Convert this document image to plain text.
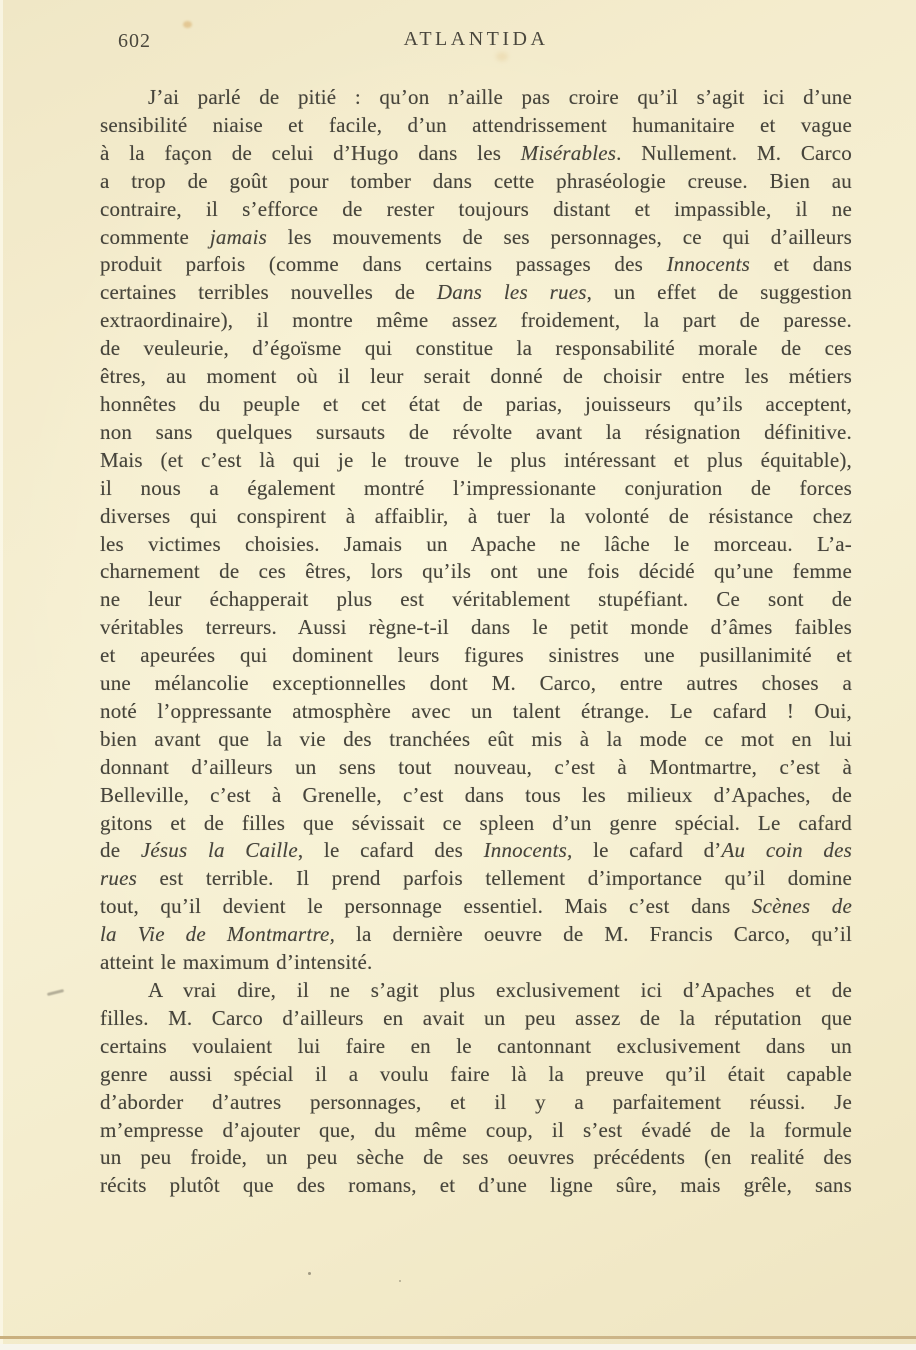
602	ATLANTIDA
J’ai parlé de pitié : qu’on n’aille pas croire qu’il s’agit ici d’une
sensibilité niaise et facile, d’un attendrissement humanitaire et vague
à la façon de celui d’Hugo dans les Misérables. Nullement. M. Carco
a trop de goût pour tomber dans cette phraséologie creuse. Bien au
contraire, il s’efforce de rester toujours distant et impassible, il ne
commente jamais les mouvements de ses personnages, ce qui d’ailleurs
produit parfois (comme dans certains passages des Innocents et dans
certaines terribles nouvelles de Dans les rues, un effet de suggestion
extraordinaire), il montre même assez froidement, la part de paresse.
de veuleurie, d’égoïsme qui constitue la responsabilité morale de ces
êtres, au moment où il leur serait donné de choisir entre les métiers
honnêtes du peuple et cet état de parias, jouisseurs qu’ils acceptent,
non sans quelques sursauts de révolte avant la résignation définitive.
Mais (et c’est là qui je le trouve le plus intéressant et plus équitable),
il nous a également montré l’impressionante conjuration de forces
diverses qui conspirent à affaiblir, à tuer la volonté de résistance chez
les victimes choisies. Jamais un Apache ne lâche le morceau. L’a-
charnement de ces êtres, lors qu’ils ont une fois décidé qu’une femme
ne leur échapperait plus est véritablement stupéfiant. Ce sont de
véritables terreurs. Aussi règne-t-il dans le petit monde d’âmes faibles
et apeurées qui dominent leurs figures sinistres une pusillanimité et
une mélancolie exceptionnelles dont M. Carco, entre autres choses a
noté l’oppressante atmosphère avec un talent étrange. Le cafard ! Oui,
bien avant que la vie des tranchées eût mis à la mode ce mot en lui
donnant d’ailleurs un sens tout nouveau, c’est à Montmartre, c’est à
Belleville, c’est à Grenelle, c’est dans tous les milieux d’Apaches, de
gitons et de filles que sévissait ce spleen d’un genre spécial. Le cafard
de Jésus la Caille, le cafard des Innocents, le cafard d’Au coin des
rues est terrible. Il prend parfois tellement d’importance qu’il domine
tout, qu’il devient le personnage essentiel. Mais c’est dans Scènes de
la Vie de Montmartre, la dernière oeuvre de M. Francis Carco, qu’il
atteint le maximum d’intensité.
A vrai dire, il ne s’agit plus exclusivement ici d’Apaches et de
filles. M. Carco d’ailleurs en avait un peu assez de la réputation que
certains voulaient lui faire en le cantonnant exclusivement dans un
genre aussi spécial il a voulu faire là la preuve qu’il était capable
d’aborder d’autres personnages, et il y a parfaitement réussi. Je
m’empresse d’ajouter que, du même coup, il s’est évadé de la formule
un peu froide, un peu sèche de ses oeuvres précédents (en realité des
récits plutôt que des romans, et d’une ligne sûre, mais grêle, sans
